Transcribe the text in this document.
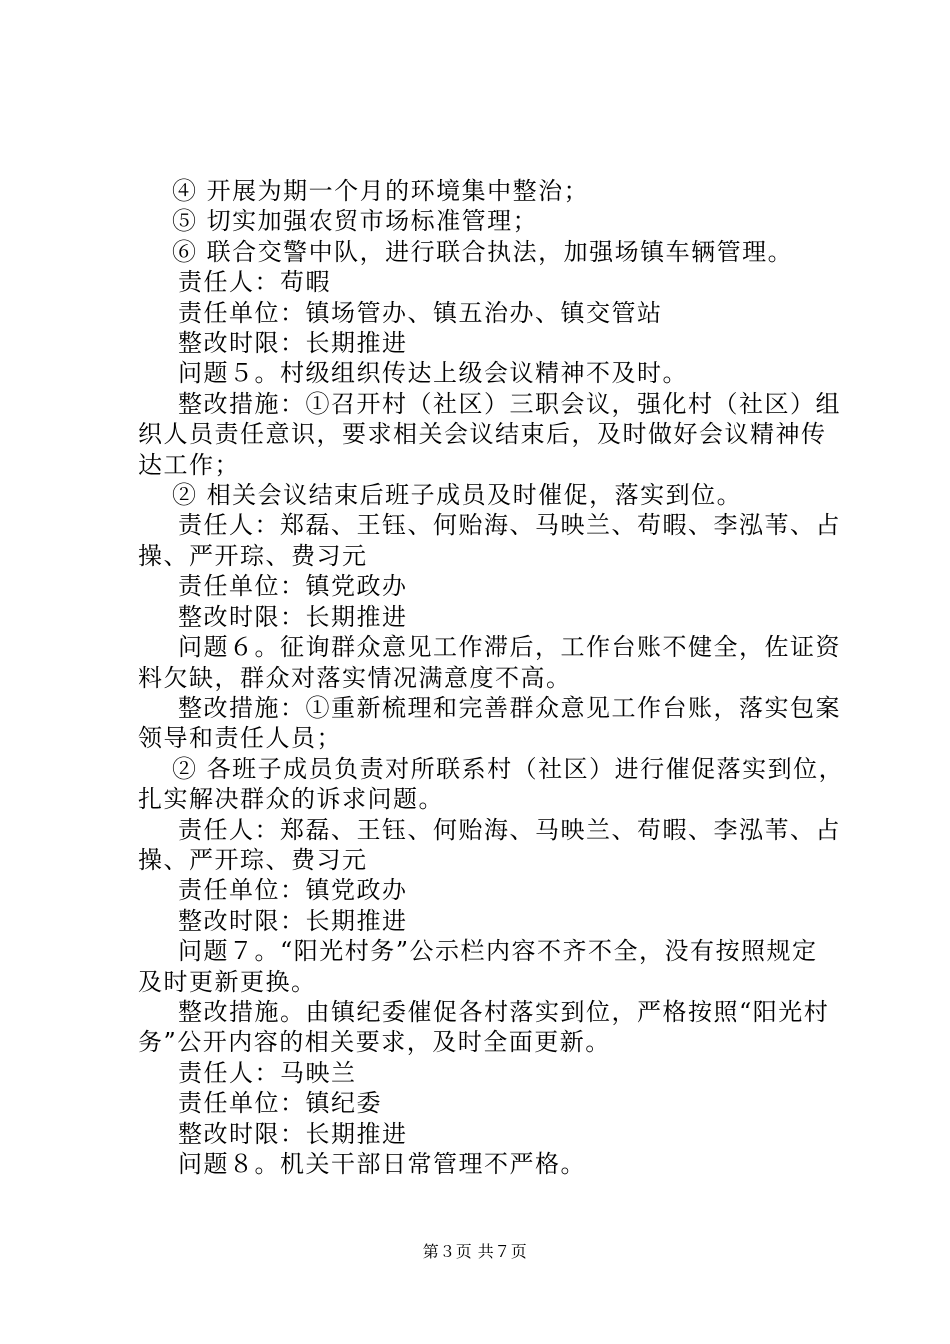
④ 开展为期一个月的环境集中整治；

⑤ 切实加强农贸市场标准管理；

⑥ 联合交警中队，进行联合执法，加强场镇车辆管理。

责任人：苟暇

责任单位：镇场管办、镇五治办、镇交管站

整改时限：长期推进

问题５。村级组织传达上级会议精神不及时。

整改措施：①召开村（社区）三职会议，强化村（社区）组

织人员责任意识，要求相关会议结束后，及时做好会议精神传

达工作；

② 相关会议结束后班子成员及时催促，落实到位。

责任人：郑磊、王钰、何贻海、马映兰、苟暇、李泓苇、占

操、严开琮、费习元

责任单位：镇党政办

整改时限：长期推进

问题６。征询群众意见工作滞后，工作台账不健全，佐证资

料欠缺，群众对落实情况满意度不高。

整改措施：①重新梳理和完善群众意见工作台账，落实包案

领导和责任人员；

② 各班子成员负责对所联系村（社区）进行催促落实到位，

扎实解决群众的诉求问题。

责任人：郑磊、王钰、何贻海、马映兰、苟暇、李泓苇、占

操、严开琮、费习元

责任单位：镇党政办

整改时限：长期推进

问题７。“阳光村务”公示栏内容不齐不全，没有按照规定

及时更新更换。

整改措施。由镇纪委催促各村落实到位，严格按照“阳光村

务”公开内容的相关要求，及时全面更新。

责任人：马映兰

责任单位：镇纪委

整改时限：长期推进

问题８。机关干部日常管理不严格。

第３页 共７页
